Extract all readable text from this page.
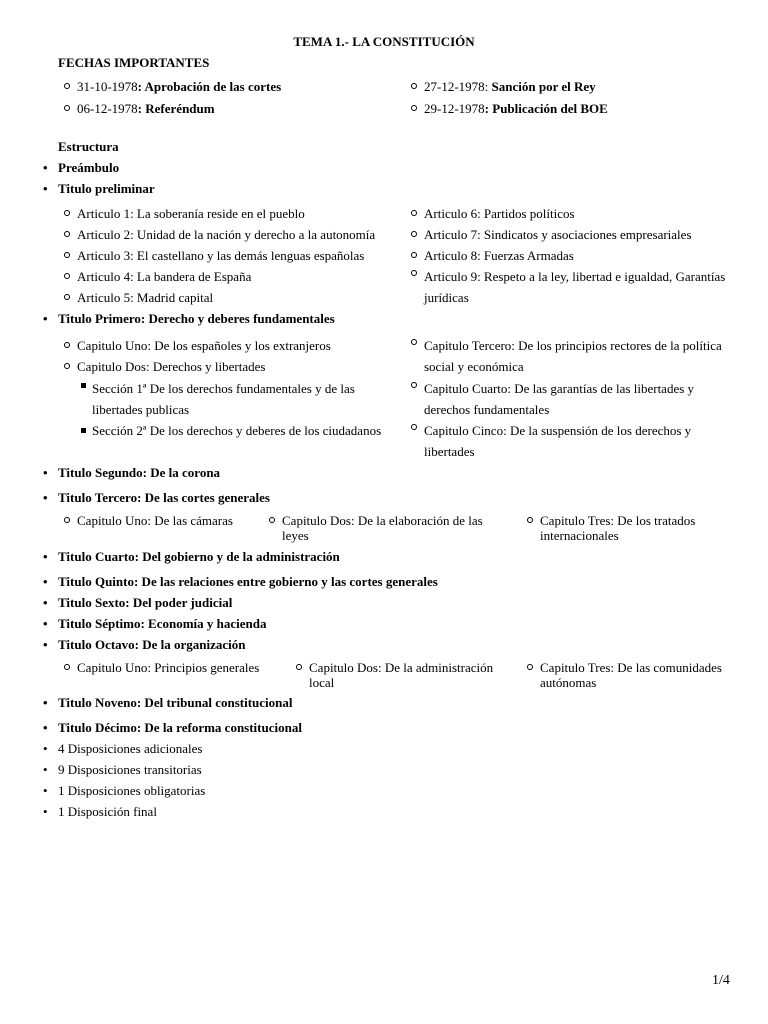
TEMA 1.- LA CONSTITUCIÓN
FECHAS IMPORTANTES
31-10-1978: Aprobación de las cortes	27-12-1978: Sanción por el Rey
06-12-1978: Referéndum	29-12-1978: Publicación del BOE
Estructura
• Preámbulo
• Titulo preliminar
Articulo 1: La soberanía reside en el pueblo
Articulo 2: Unidad de la nación y derecho a la autonomía
Articulo 3: El castellano y las demás lenguas españolas
Articulo 4: La bandera de España
Articulo 5: Madrid capital
Articulo 6: Partidos políticos
Articulo 7: Sindicatos y asociaciones empresariales
Articulo 8: Fuerzas Armadas
Articulo 9: Respeto a la ley, libertad e igualdad, Garantías jurídicas
• Titulo Primero: Derecho y deberes fundamentales
Capitulo Uno: De los españoles y los extranjeros
Capitulo Dos: Derechos y libertades
Sección 1ª De los derechos fundamentales y de las libertades publicas
Sección 2ª De los derechos y deberes de los ciudadanos
Capitulo Tercero: De los principios rectores de la política social y económica
Capitulo Cuarto: De las garantías de las libertades y derechos fundamentales
Capitulo Cinco: De la suspensión de los derechos y libertades
• Titulo Segundo: De la corona
• Titulo Tercero: De las cortes generales
Capitulo Uno: De las cámaras	Capitulo Dos: De la elaboración de las leyes
Capitulo Tres: De los tratados internacionales
• Titulo Cuarto: Del gobierno y de la administración
• Titulo Quinto: De las relaciones entre gobierno y las cortes generales
• Titulo Sexto: Del poder judicial
• Titulo Séptimo: Economía y hacienda
• Titulo Octavo: De la organización
Capitulo Uno: Principios generales	Capitulo Dos: De la administración local
Capitulo Tres: De las comunidades autónomas
• Titulo Noveno: Del tribunal constitucional
• Titulo Décimo: De la reforma constitucional
• 4 Disposiciones adicionales
• 9 Disposiciones transitorias
• 1 Disposiciones obligatorias
• 1 Disposición final
1/4
